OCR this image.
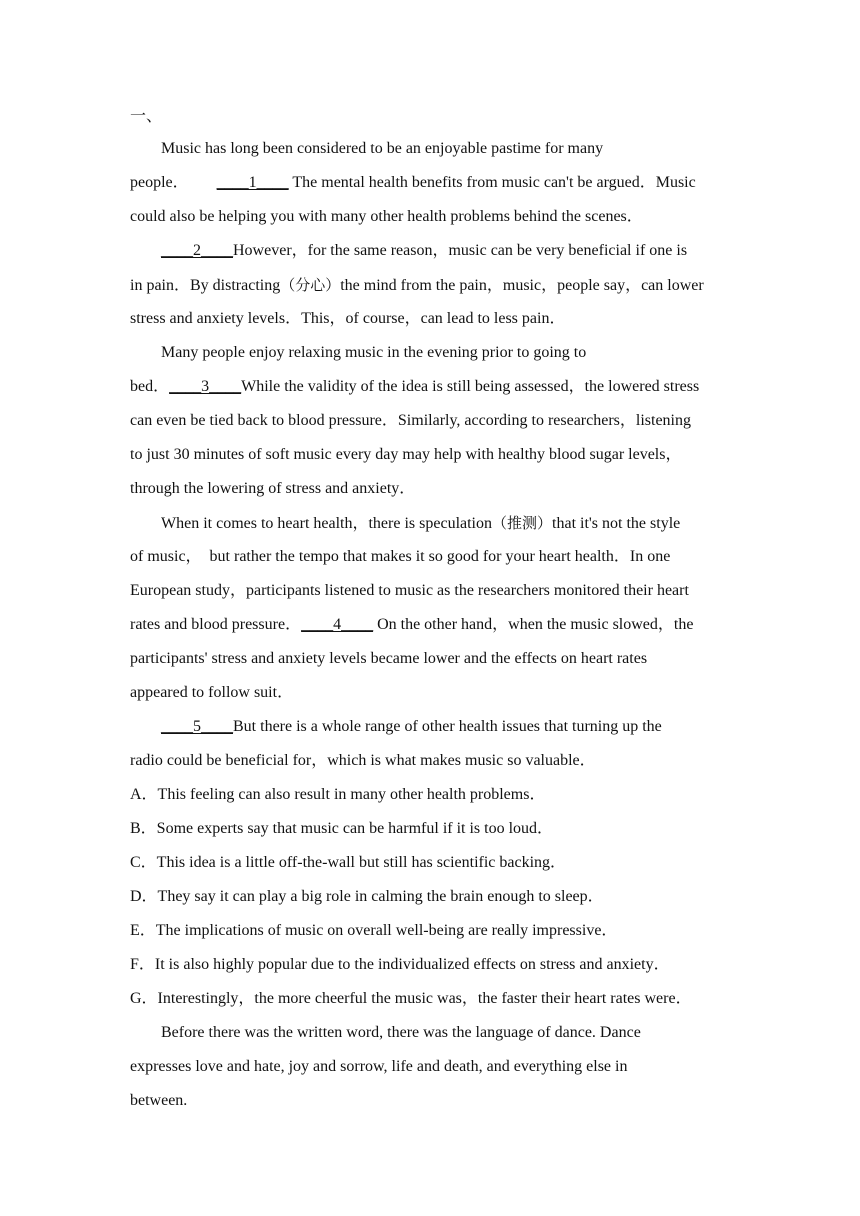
一、
Music has long been considered to be an enjoyable pastime for many
people． ____1____ The mental health benefits from music can't be argued．Music
could also be helping you with many other health problems behind the scenes．
____2____However，for the same reason，music can be very beneficial if one is
in pain．By distracting（分心）the mind from the pain，music，people say，can lower
stress and anxiety levels．This，of course，can lead to less pain．
Many people enjoy relaxing music in the evening prior to going to
bed．____3____While the validity of the idea is still being assessed，the lowered stress
can even be tied back to blood pressure．Similarly, according to researchers，listening
to just 30 minutes of soft music every day may help with healthy blood sugar levels，
through the lowering of stress and anxiety．
When it comes to heart health，there is speculation（推测）that it's not the style
of music，  but rather the tempo that makes it so good for your heart health．In one
European study，participants listened to music as the researchers monitored their heart
rates and blood pressure．____4____ On the other hand，when the music slowed，the
participants' stress and anxiety levels became lower and the effects on heart rates
appeared to follow suit．
____5____But there is a whole range of other health issues that turning up the
radio could be beneficial for，which is what makes music so valuable．
A．This feeling can also result in many other health problems．
B．Some experts say that music can be harmful if it is too loud．
C．This idea is a little off-the-wall but still has scientific backing．
D．They say it can play a big role in calming the brain enough to sleep．
E．The implications of music on overall well-being are really impressive．
F．It is also highly popular due to the individualized effects on stress and anxiety．
G．Interestingly，the more cheerful the music was，the faster their heart rates were．
Before there was the written word, there was the language of dance. Dance
expresses love and hate, joy and sorrow, life and death, and everything else in
between.
